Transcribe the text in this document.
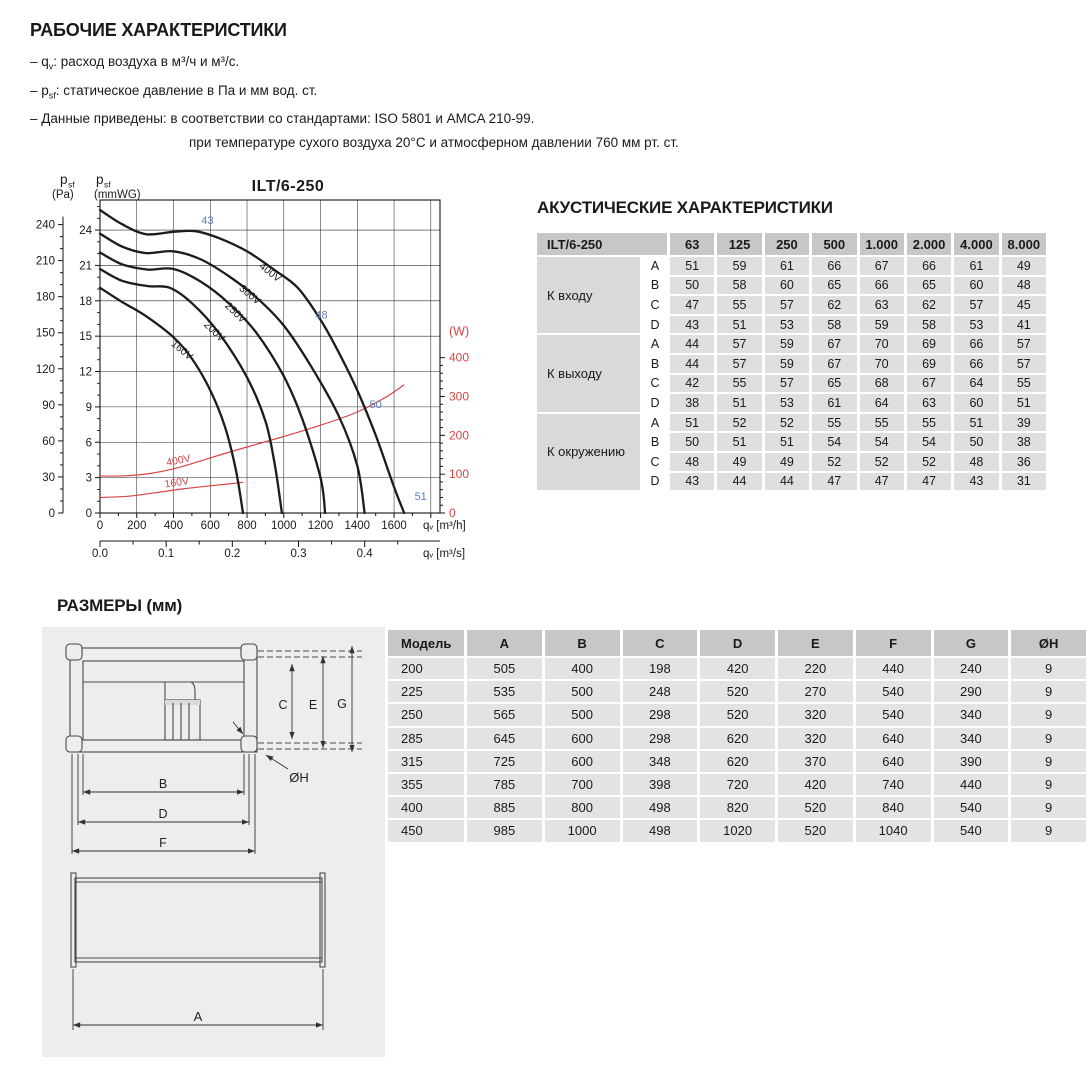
РАБОЧИЕ ХАРАКТЕРИСТИКИ
– $q_v$: расход воздуха в м³/ч и м³/с.
– $p_{sf}$: статическое давление в Па и мм вод. ст.
– Данные приведены: в соответствии со стандартами: ISO 5801 и AMCA 210-99.
при температуре сухого воздуха 20°С и атмосферном давлении 760 мм рт. ст.
43
48
50
51
400V
300V
250V
200V
160V
400V
160V
0
30
60
90
120
150
180
210
240
0
3
6
9
12
15
18
21
24
0 200 400 600 800 1000 1200 1400 1600 qᵥ [m³/h]
0.0	0.1	0.2	0.3	0.4	qᵥ [m³/s]
0
100
200
300
400
(W)
ILT/6-250
p sf
(Pa)
p sf
(mmWG)
АКУСТИЧЕСКИЕ ХАРАКТЕРИСТИКИ
ILT/6-250	63	125	250	500	1.000	2.000	4.000	8.000
К входу
A	51	59	61	66	67	66	61	49
B	50	58	60	65	66	65	60	48
C	47	55	57	62	63	62	57	45
D	43	51	53	58	59	58	53	41
К выходу
A	44	57	59	67	70	69	66	57
B	44	57	59	67	70	69	66	57
C	42	55	57	65	68	67	64	55
D	38	51	53	61	64	63	60	51
К окружению
A	51	52	52	55	55	55	51	39
B	50	51	51	54	54	54	50	38
C	48	49	49	52	52	52	48	36
D	43	44	44	47	47	47	43	31
РАЗМЕРЫ (мм)
C E G
ØH
B
D
F
A
Модель	A	B	C	D	E	F	G	ØH
200	505	400	198	420	220	440	240	9
225	535	500	248	520	270	540	290	9
250	565	500	298	520	320	540	340	9
285	645	600	298	620	320	640	340	9
315	725	600	348	620	370	640	390	9
355	785	700	398	720	420	740	440	9
400	885	800	498	820	520	840	540	9
450	985	1000	498	1020	520	1040	540	9
